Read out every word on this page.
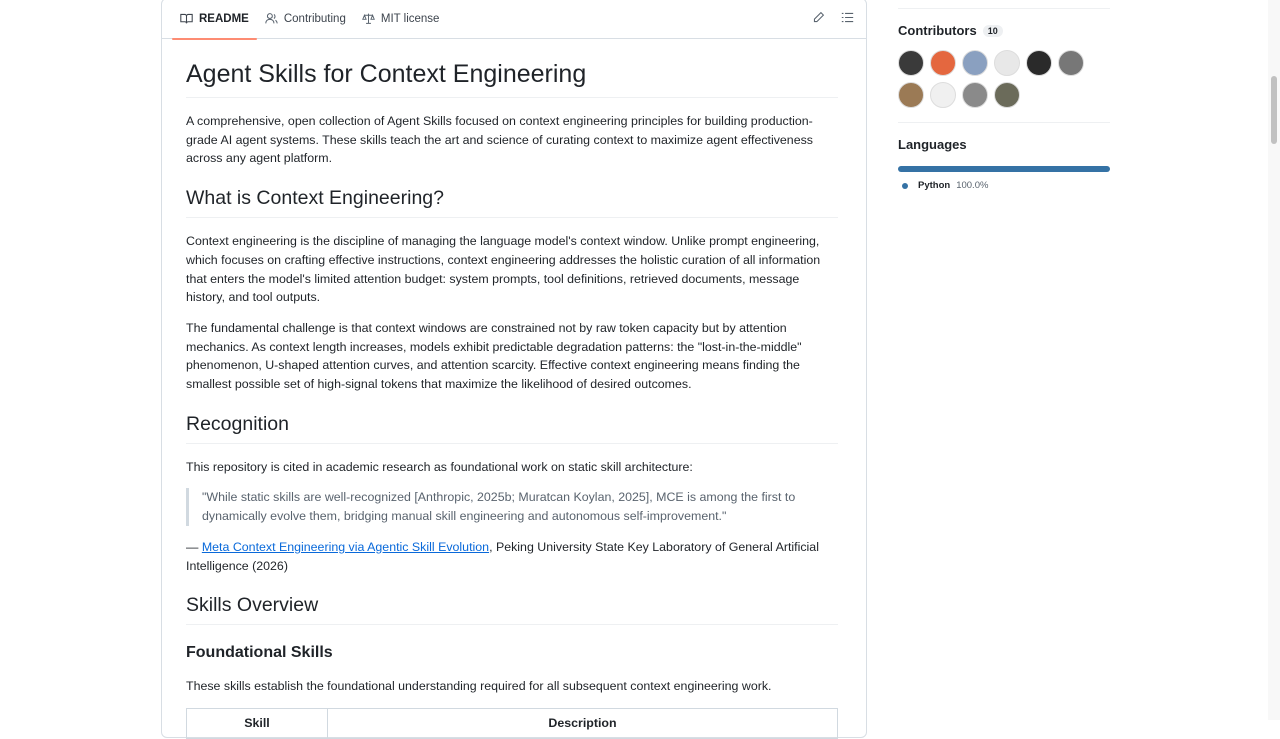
README	Contributing	MIT license
Agent Skills for Context Engineering

A comprehensive, open collection of Agent Skills focused on context engineering principles for building production-grade AI agent systems. These skills teach the art and science of curating context to maximize agent effectiveness across any agent platform.

What is Context Engineering?

Context engineering is the discipline of managing the language model's context window. Unlike prompt engineering, which focuses on crafting effective instructions, context engineering addresses the holistic curation of all information that enters the model's limited attention budget: system prompts, tool definitions, retrieved documents, message history, and tool outputs.

The fundamental challenge is that context windows are constrained not by raw token capacity but by attention mechanics. As context length increases, models exhibit predictable degradation patterns: the "lost-in-the-middle" phenomenon, U-shaped attention curves, and attention scarcity. Effective context engineering means finding the smallest possible set of high-signal tokens that maximize the likelihood of desired outcomes.

Recognition

This repository is cited in academic research as foundational work on static skill architecture:

"While static skills are well-recognized [Anthropic, 2025b; Muratcan Koylan, 2025], MCE is among the first to dynamically evolve them, bridging manual skill engineering and autonomous self-improvement."

— Meta Context Engineering via Agentic Skill Evolution, Peking University State Key Laboratory of General Artificial Intelligence (2026)

Skills Overview
Foundational Skills

These skills establish the foundational understanding required for all subsequent context engineering work.

Skill	Description
Contributors	10
Languages
Python 100.0%
